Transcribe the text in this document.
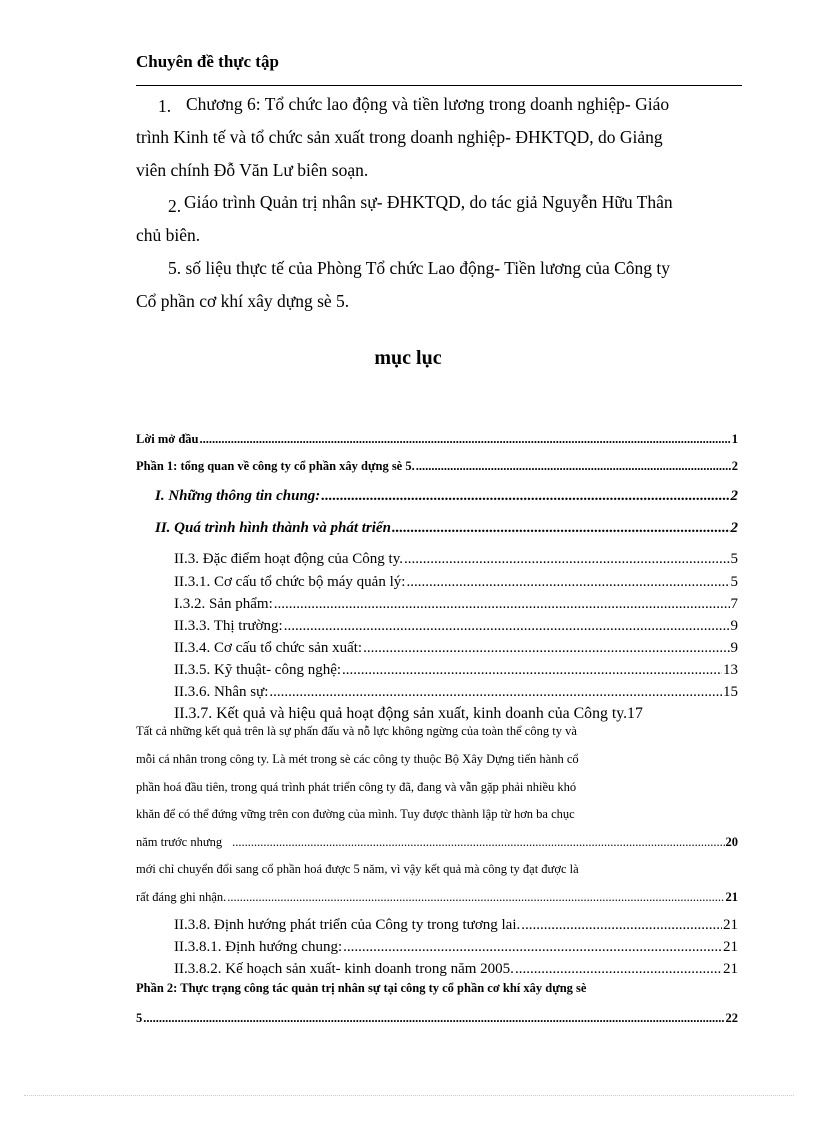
Chuyên đề thực tập
1. Chương 6: Tổ chức lao động và tiền lương trong doanh nghiệp- Giáo
trình Kinh tế và tổ chức sản xuất trong doanh nghiệp- ĐHKTQD, do Giảng
viên chính Đỗ Văn Lư biên soạn.
2. Giáo trình Quản trị nhân sự- ĐHKTQD, do tác giả Nguyễn Hữu Thân
chủ biên.
5. số liệu thực tế của Phòng Tổ chức Lao động- Tiền lương của Công ty
Cổ phần cơ khí xây dựng sè 5.
mục lục
Lời mở đầu .....	1
Phần 1: tổng quan về công ty cổ phần xây dựng sè 5. .....	2
I. Những thông tin chung: .....	2
II. Quá trình hình thành và phát triển .....	2
II.3. Đặc điểm hoạt động của Công ty. .....	5
II.3.1. Cơ cấu tổ chức bộ máy quản lý: .....	5
I.3.2. Sản phẩm: .....	7
II.3.3. Thị trường: .....	9
II.3.4. Cơ cấu tổ chức sản xuất: .....	9
II.3.5. Kỹ thuật- công nghệ: .....	13
II.3.6. Nhân sự: .....	15
II.3.7. Kết quả và hiệu quả hoạt động sản xuất, kinh doanh của Công ty. 17
Tất cả những kết quả trên là sự phấn đấu và nỗ lực không ngừng của toàn thể công ty và
mỗi cá nhân trong công ty. Là mét trong sè các công ty thuộc Bộ Xây Dựng tiến hành cổ
phần hoá đầu tiên, trong quá trình phát triển công ty đã, đang và vẫn gặp phải nhiều khó
khăn để có thể đứng vững trên con đường của mình. Tuy được thành lập từ hơn ba chục
năm trước nhưng .....	20
mới chỉ chuyển đổi sang cổ phần hoá được 5 năm, vì vậy kết quả mà công ty đạt được là
rất đáng ghi nhận. .....	21
II.3.8. Định hướng phát triển của Công ty trong tương lai. .....	21
II.3.8.1. Định hướng chung: .....	21
II.3.8.2. Kế hoạch sản xuất- kinh doanh trong năm 2005. .....	21
Phần 2: Thực trạng công tác quản trị nhân sự tại công ty cổ phần cơ khí xây dựng sè
5 .....	22
